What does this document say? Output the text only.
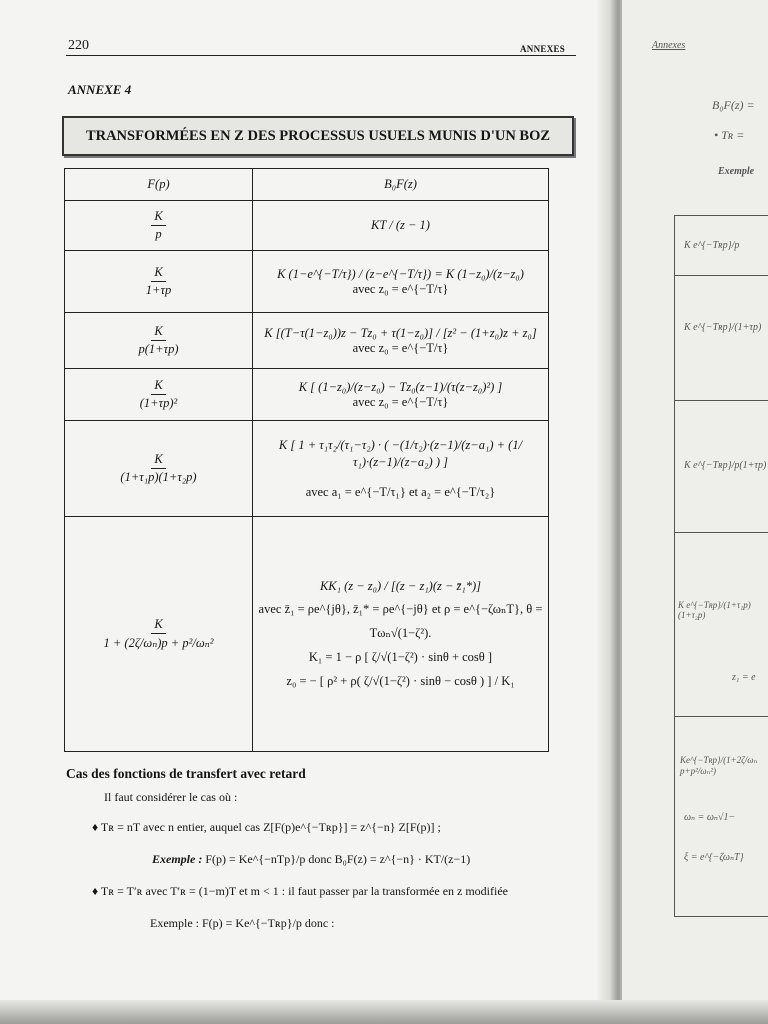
220	ANNEXES
ANNEXE 4
TRANSFORMÉES EN Z DES PROCESSUS USUELS MUNIS D'UN BOZ
F(p)	B₀F(z)

$\frac{K}{p}$	KT / (z − 1)

$\frac{K}{1+\tau p}$	K (1−e^{−T/τ}) / (z−e^{−T/τ}) = K (1−z₀)/(z−z₀)
avec z₀ = e^{−T/τ}

$\frac{K}{p(1+\tau p)}$	K [(T−τ(1−z₀))z − Tz₀ + τ(1−z₀)] / [z² − (1+z₀)z + z₀]
avec z₀ = e^{−T/τ}

$\frac{K}{\text{(1+τp)²}}$	K [ (1−z₀)/(z−z₀) − Tz₀(z−1)/(τ(z−z₀)²) ]
avec z₀ = e^{−T/τ}

$\frac{K}{\text{(1+τ₁p)(1+τ₂p)}}$	K [ 1 + τ₁τ₂/(τ₁−τ₂) · ( −(1/τ₂)·(z−1)/(z−a₁) + (1/τ₁)·(z−1)/(z−a₂) ) ]

avec a₁ = e^{−T/τ₁} et a₂ = e^{−T/τ₂}

$\frac{K}{\text{1 + (2ζ/ωₙ)p + p²/ωₙ²}}$	KK₁ (z − z₀) / [(z − z₁)(z − z̄₁*)]
avec z̄₁ = ρe^{jθ}, z̄₁* = ρe^{−jθ} et ρ = e^{−ζωₙT}, θ = Tωₙ√(1−ζ²).
K₁ = 1 − ρ [ ζ/√(1−ζ²) · sinθ + cosθ ]
z₀ = − [ ρ² + ρ( ζ/√(1−ζ²) · sinθ − cosθ ) ] / K₁
Cas des fonctions de transfert avec retard
Il faut considérer le cas où :
♦ Tʀ = nT avec n entier, auquel cas Z[F(p)e^{−Tʀp}] = z^{−n} Z[F(p)] ;
Exemple : F(p) = Ke^{−nTp}/p donc B₀F(z) = z^{−n} · KT/(z−1)
♦ Tʀ = T′ʀ avec T′ʀ = (1−m)T et m < 1 : il faut passer par la transformée en z modifiée
Exemple : F(p) = Ke^{−Tʀp}/p donc :
Annexes
B₀F(z) =
• Tʀ =
Exemple
K e^{−Tʀp}/p
K e^{−Tʀp}/(1+τp)
K e^{−Tʀp}/p(1+τp)
K e^{−Tʀp}/(1+τ₁p)(1+τ₂p)
Ke^{−Tʀp}/(1+2ζ/ωₙ p+p²/ωₙ²)
z₁ = e
ωₙ = ωₙ√1−
ξ = e^{−ζωₙT}
